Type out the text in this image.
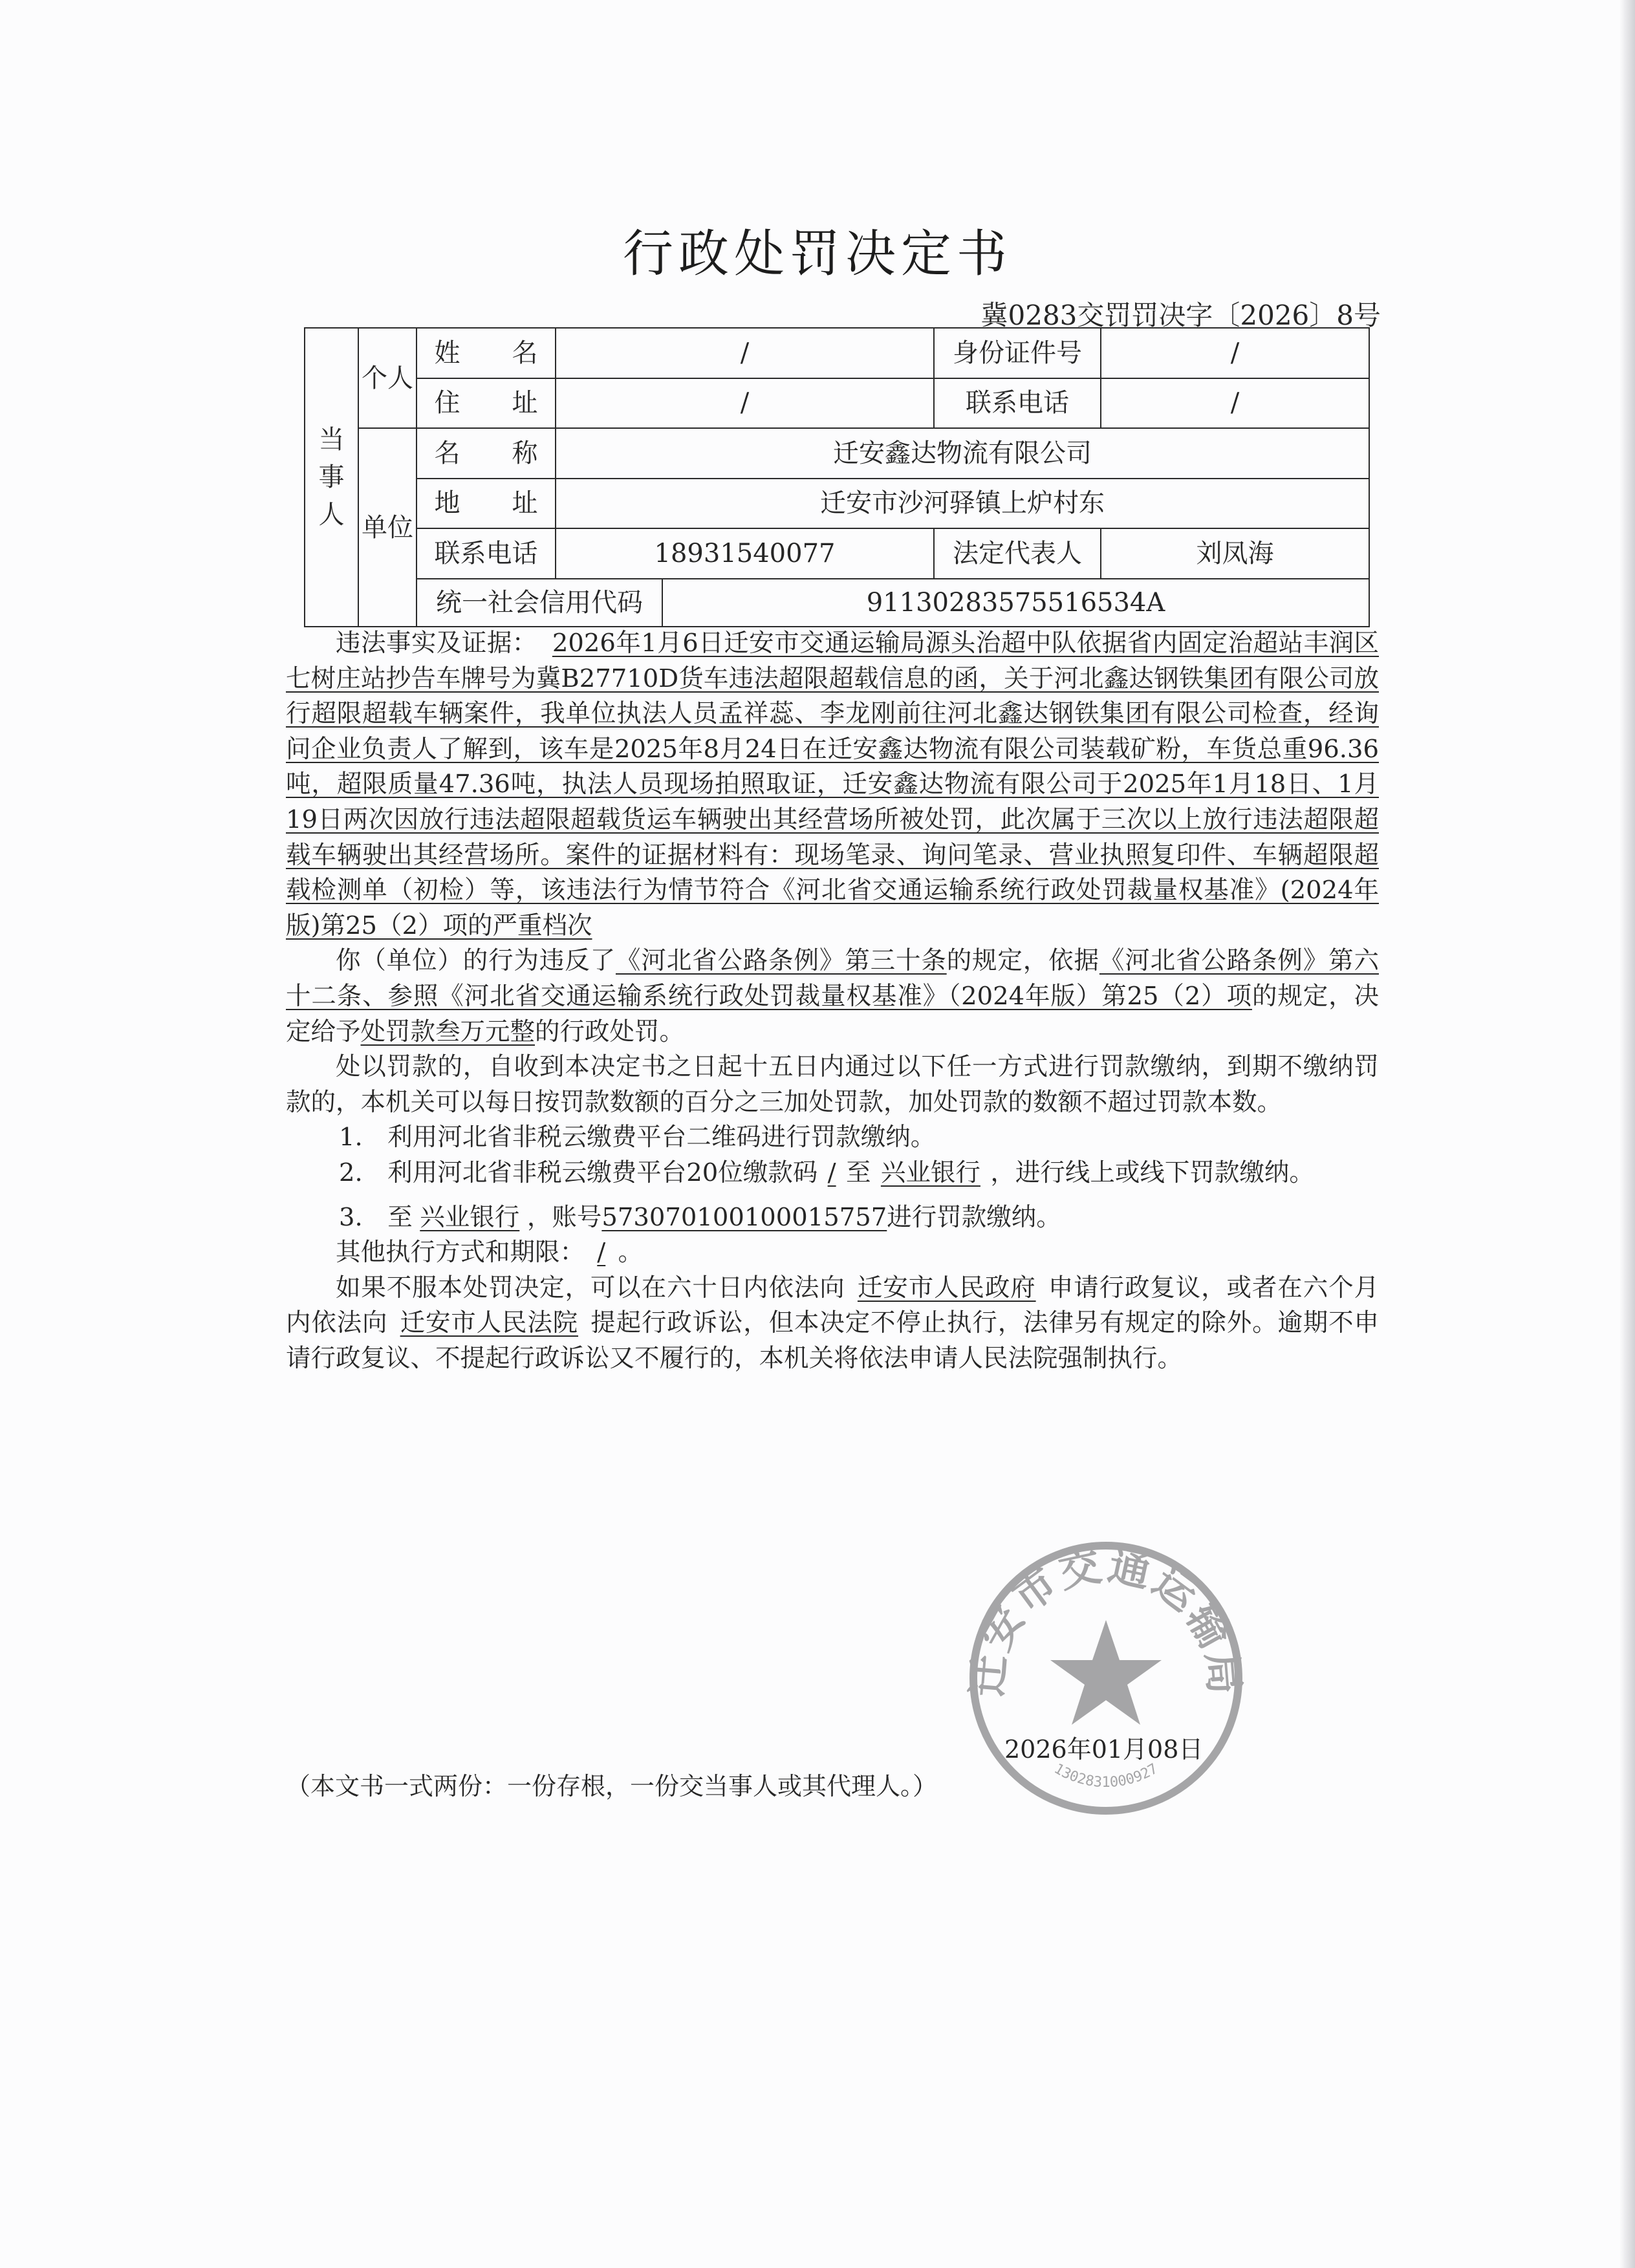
行政处罚决定书
冀0283交罚罚决字〔2026〕8号
当事人	个人	姓　　名	/		身份证件号	/
		住　　址	/		联系电话	/
	单位	名　　称	迁安鑫达物流有限公司			
		地　　址	迁安市沙河驿镇上炉村东			
		联系电话	18931540077		法定代表人	刘凤海
		统一社会信用代码		91130283575516534A		

违法事实及证据： 2026年1月6日迁安市交通运输局源头治超中队依据省内固定治超站丰润区七树庄站抄告车牌号为冀B27710D货车违法超限超载信息的函，关于河北鑫达钢铁集团有限公司放行超限超载车辆案件，我单位执法人员孟祥蕊、李龙刚前往河北鑫达钢铁集团有限公司检查，经询问企业负责人了解到，该车是2025年8月24日在迁安鑫达物流有限公司装载矿粉，车货总重96.36吨，超限质量47.36吨，执法人员现场拍照取证，迁安鑫达物流有限公司于2025年1月18日、1月19日两次因放行违法超限超载货运车辆驶出其经营场所被处罚，此次属于三次以上放行违法超限超载车辆驶出其经营场所。案件的证据材料有：现场笔录、询问笔录、营业执照复印件、车辆超限超载检测单（初检）等，该违法行为情节符合《河北省交通运输系统行政处罚裁量权基准》(2024年版)第25（2）项的严重档次

你（单位）的行为违反了《河北省公路条例》第三十条的规定，依据《河北省公路条例》第六十二条、参照《河北省交通运输系统行政处罚裁量权基准》（2024年版）第25（2）项的规定，决定给予处罚款叁万元整的行政处罚。

处以罚款的，自收到本决定书之日起十五日内通过以下任一方式进行罚款缴纳，到期不缴纳罚款的，本机关可以每日按罚款数额的百分之三加处罚款，加处罚款的数额不超过罚款本数。

1.　利用河北省非税云缴费平台二维码进行罚款缴纳。

2.　利用河北省非税云缴费平台20位缴款码 / 至 兴业银行 ，进行线上或线下罚款缴纳。

3.　至 兴业银行 ，账号573070100100015757进行罚款缴纳。

其他执行方式和期限： / 。

如果不服本处罚决定，可以在六十日内依法向 迁安市人民政府 申请行政复议，或者在六个月内依法向 迁安市人民法院 提起行政诉讼，但本决定不停止执行，法律另有规定的除外。逾期不申请行政复议、不提起行政诉讼又不履行的，本机关将依法申请人民法院强制执行。

迁安市交通运输局
1302831000927
2026年01月08日
（本文书一式两份：一份存根，一份交当事人或其代理人。）
